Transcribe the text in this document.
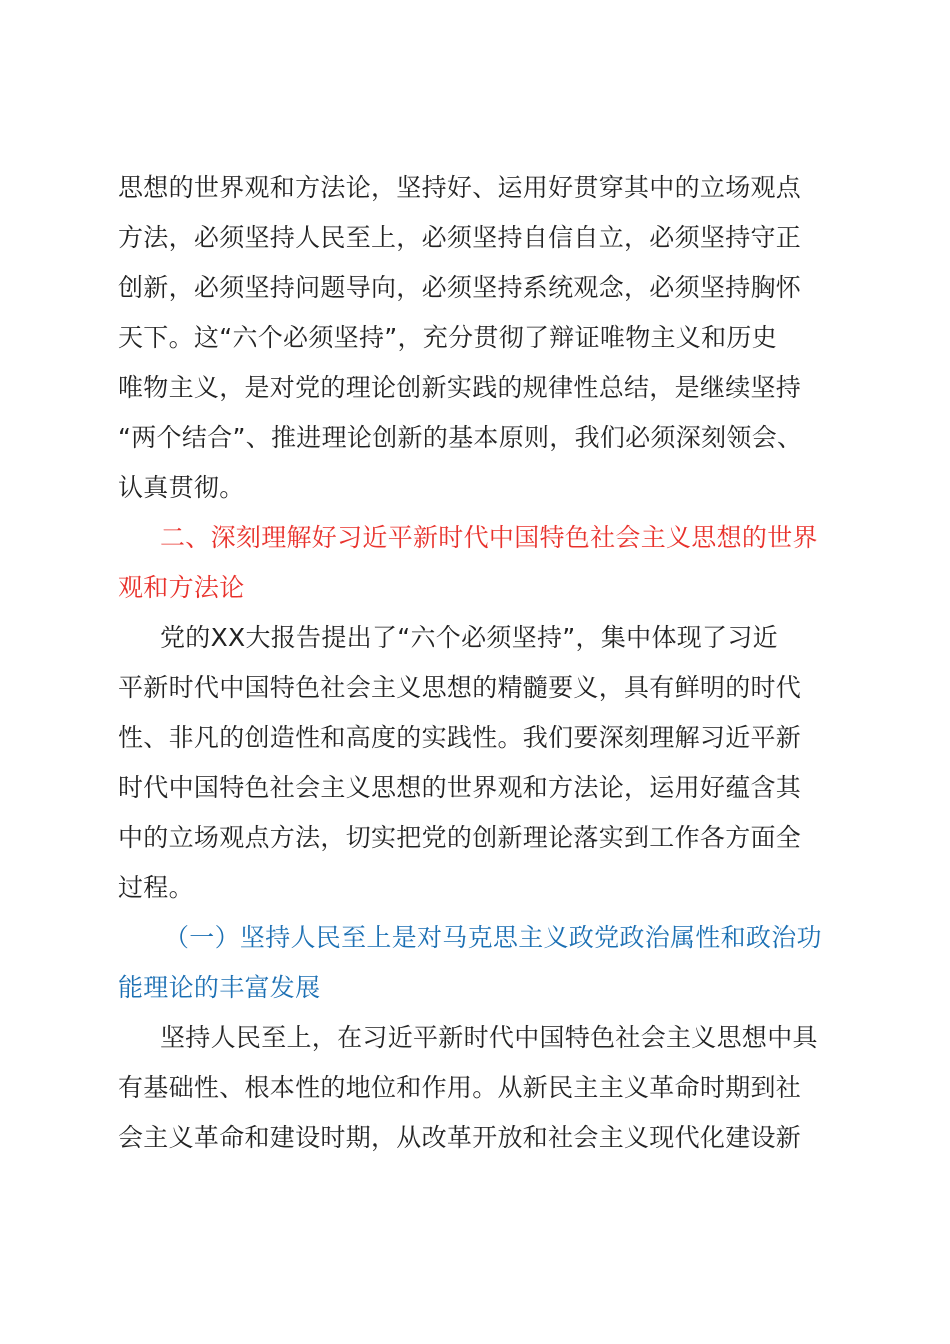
思想的世界观和方法论，坚持好、运用好贯穿其中的立场观点

方法，必须坚持人民至上，必须坚持自信自立，必须坚持守正

创新，必须坚持问题导向，必须坚持系统观念，必须坚持胸怀

天下。这“六个必须坚持”，充分贯彻了辩证唯物主义和历史

唯物主义，是对党的理论创新实践的规律性总结，是继续坚持

“两个结合”、推进理论创新的基本原则，我们必须深刻领会、

认真贯彻。

二、深刻理解好习近平新时代中国特色社会主义思想的世界

观和方法论

党的XX大报告提出了“六个必须坚持”，集中体现了习近

平新时代中国特色社会主义思想的精髓要义，具有鲜明的时代

性、非凡的创造性和高度的实践性。我们要深刻理解习近平新

时代中国特色社会主义思想的世界观和方法论，运用好蕴含其

中的立场观点方法，切实把党的创新理论落实到工作各方面全

过程。

（一）坚持人民至上是对马克思主义政党政治属性和政治功

能理论的丰富发展

坚持人民至上，在习近平新时代中国特色社会主义思想中具

有基础性、根本性的地位和作用。从新民主主义革命时期到社

会主义革命和建设时期，从改革开放和社会主义现代化建设新
